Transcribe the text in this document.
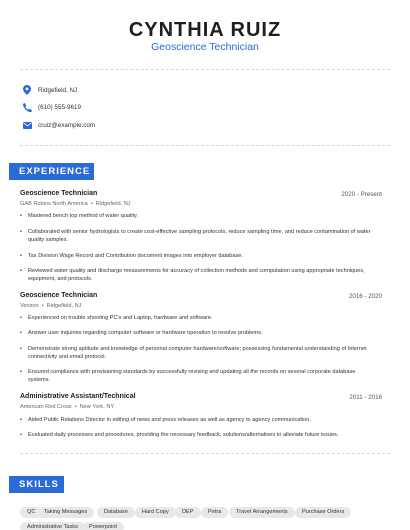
CYNTHIA RUIZ
Geoscience Technician
Ridgefield, NJ
(610) 555-9619
cruiz@example.com
EXPERIENCE
Geoscience Technician	2020 - Present
GAB Robins North America • Ridgefield, NJ
• Mastered bench top method of water quality.
• Collaborated with senior hydrologists to create cost-effective sampling protocols, reduce sampling time, and reduce contamination of water quality samples.
• Tax Division Wage Record and Contribution document images into employer database.
• Reviewed water quality and discharge measurements for accuracy of collection methods and computation using appropriate techniques, equipment, and protocols.
Geoscience Technician	2016 - 2020
Verizon • Ridgefield, NJ
• Experienced on trouble shooting PC's and Laptop, hardware and software.
• Answer user inquiries regarding computer software or hardware operation to resolve problems.
• Demonstrate strong aptitude and knowledge of personal computer hardware/software; possessing fundamental understanding of Internet connectivity and email protocol.
• Ensured compliance with provisioning standards by successfully revising and updating all the records on several corporate database systems.
Administrative Assistant/Technical	2011 - 2016
American Red Cross • New York, NY
• Aided Public Relations Director in editing of news and press releases as well as agency to agency communication.
• Evaluated daily processes and procedures, providing the necessary feedback, solutions/alternatives to alleviate future issues.
SKILLS
QC	Taking Messages	Database	Hard Copy	DEP	Petra	Travel Arrangements	Purchase Orders
Administrative Tasks	Powerpoint
